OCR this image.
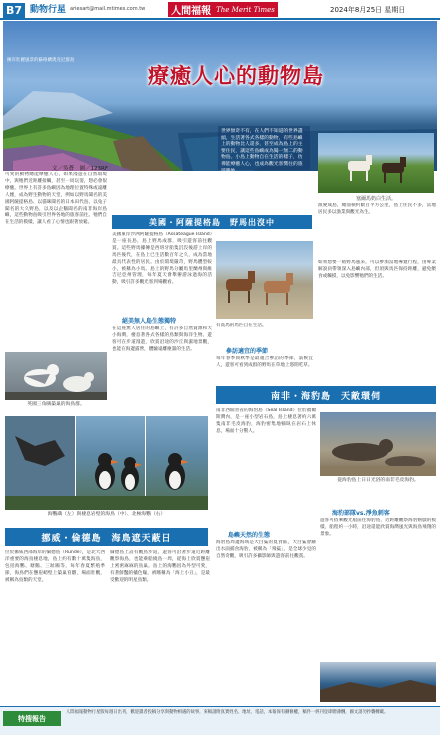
B7 動物行星 ariesart@mail.mtimes.com.tw	人間福報 The Merit Times	2024年8月25日 星期日
擁有壯麗風景的蘇格蘭奧克尼群島
療癒人心的動物島
世界無奇不有，在人們不知道的世界盡頭，生活著各式各樣的動物，有些島嶼上的動物比人還多，甚至成為島上的主要住民，讓這些島嶼成為獨一無二的動物島。小島上動物自在生活的樣子，彷彿能療癒人心，也成為觀光客嚮往的旅遊勝地。
文／吳蒼　圖／123RF
塞爾馬奶白生活。
可愛的動物總能療癒人心，如果漫遊在自然環境中，與牠們近距離接觸，甚至一同玩耍，想必會很療癒。世界上有許多島嶼因為地理位置特殊或遠離人煙，成為野生動物的天堂，例如以野馬聞名的美國阿薩提格島、以貓咪聞名的日本田代島、以兔子聞名的大久野島，以及以企鵝聞名的南非海岸島嶼，這些動物島吸引世界各地的旅客前往。牠們自在生活的模樣，讓人看了心情也跟著放鬆。	美國・阿薩提格島　野馬出沒中
美國東岸沙洲阿薩提格島（Assateague Island）是一座長島，島上野馬成群，吸引遊客前往觀賞。這些野馬據傳是西班牙船隻沉沒後游上岸的馬匹後代，在島上已生活數百年之久，成為當地最具代表性的居民。由於環境嚴苛，野馬體型較小，被稱為小馬。島上的野馬分屬馬里蘭州與維吉尼亞州管理，每年夏天會舉辦游泳過海的活動，吸引許多觀光客到場觀看。
絕美無人島生態獨特
在這座無人居住的島嶼上，有許多自然資源和大小海灣，棲息著各式各樣的鳥類與海洋生物。遊客可在步道漫遊，欣賞沿途的沙丘與濕地景觀，也能在海邊露營，體驗遠離塵囂的生活。
有賞馬的馬匹自在生活。
參訪適宜的季節
每年春季與秋季是最適合參訪的季節，氣候宜人，遊客可看到成群的野馬在草地上悠閒吃草。
演變成島，總面積約數百平方公里，島上住民不多，當地居民多以漁業與觀光為生。
如果想要一睹野馬風采，可以參加當地導覽行程，由專業解說員帶領深入島嶼內部，但須與馬匹保持距離，避免餵食或觸摸，以免影響牠們的生活。
英國三角鷗築巢的海鳥群。
海鸚鵡（左）與棲息岩壁的海鳥（中）、北極海鸚（右）
挪威・倫德島　海鳥遮天蔽日
位於挪威西部海岸的倫德島（Runde），是北大西洋重要的海鳥棲息地，島上約有數十萬隻海鳥，包括海鸚、塘鵝、三趾鷗等，每年春夏繁殖季節，海鳥們在懸崖峭壁上築巢育雛，場面壯觀，被稱為鳥類的天堂。
倫德島上設有觀鳥步道，遊客可沿著步道近距離觀察海鳥，也能乘船繞島一周，從海上欣賞懸崖上密密麻麻的鳥巢。島上的海鸚因為外型可愛，有著鮮豔的橘色喙，被暱稱為「海上小丑」，是最受歡迎的明星鳥類。
南非・海豹島　天敵環伺
南非西開普省的海豹島（Seal Island）位於福爾斯灣內，是一座小型岩石島，島上棲息著約六萬隻南非毛皮海豹，海豹密集地躺臥在岩石上休息，場面十分驚人。
島嶼天然的生態
海豹島周邊海域是大白鯊的覓食區，大白鯊會躍出水面捕食海豹，被稱為「飛鯊」，是全球少見的自然奇觀，吸引許多攝影師與遊客前往觀賞。
從海豹島上日日光浴的南非毛皮海豹。
海豹部隊vs.淨魚刺客
遊客可搭乘觀光船前往海豹島，近距離觀察海豹嬉戲的模樣，船程約一小時，沿途還能欣賞海灣風光與海鳥飛翔的景象。
特搜報告
人間福報動物行星版每週日出刊，歡迎讀者投稿分享與動物相處的故事，來稿請附真實姓名、地址、電話，本報保有刪修權，稿件一經刊登即贈薄酬，圖文請勿抄襲轉載。
